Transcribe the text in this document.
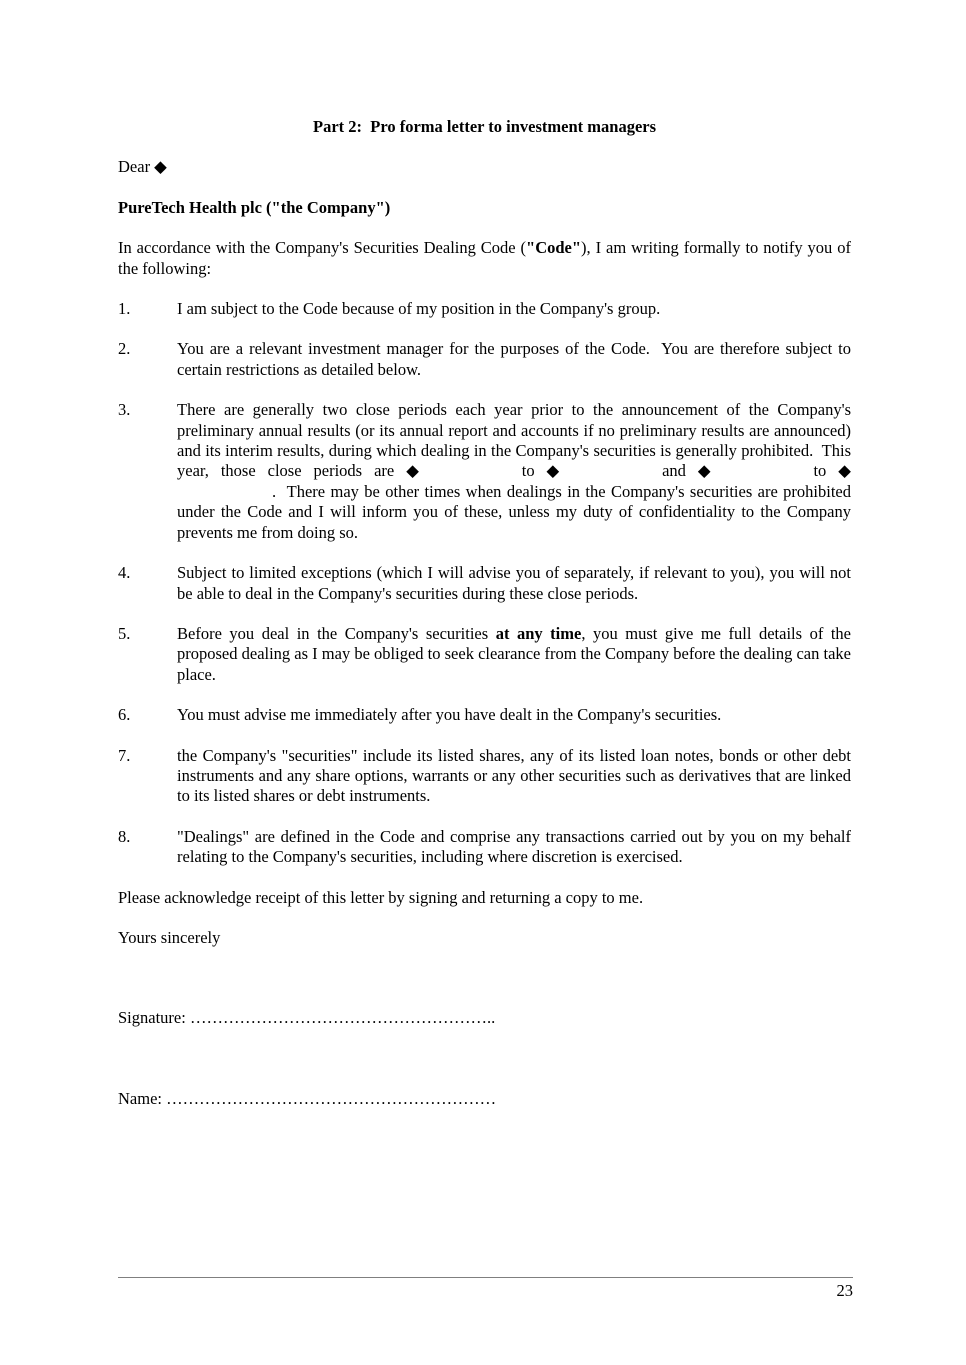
Part 2:  Pro forma letter to investment managers

Dear ◆

PureTech Health plc ("the Company")

In accordance with the Company's Securities Dealing Code ("Code"), I am writing formally to notify you of the following:

1.	I am subject to the Code because of my position in the Company's group.
2.	You are a relevant investment manager for the purposes of the Code.  You are therefore subject to certain restrictions as detailed below.
3.	There are generally two close periods each year prior to the announcement of the Company's preliminary annual results (or its annual report and accounts if no preliminary results are announced) and its interim results, during which dealing in the Company's securities is generally prohibited.  This year, those close periods are ◆	to ◆	and ◆	to ◆.  There may be other times when dealings in the Company's securities are prohibited under the Code and I will inform you of these, unless my duty of confidentiality to the Company prevents me from doing so.
4.	Subject to limited exceptions (which I will advise you of separately, if relevant to you), you will not be able to deal in the Company's securities during these close periods.
5.	Before you deal in the Company's securities at any time, you must give me full details of the proposed dealing as I may be obliged to seek clearance from the Company before the dealing can take place.
6.	You must advise me immediately after you have dealt in the Company's securities.
7.	the Company's "securities" include its listed shares, any of its listed loan notes, bonds or other debt instruments and any share options, warrants or any other securities such as derivatives that are linked to its listed shares or debt instruments.
8.	"Dealings" are defined in the Code and comprise any transactions carried out by you on my behalf relating to the Company's securities, including where discretion is exercised.

Please acknowledge receipt of this letter by signing and returning a copy to me.

Yours sincerely

Signature: ………………………………………………..

Name: ……………………………………………………

23
